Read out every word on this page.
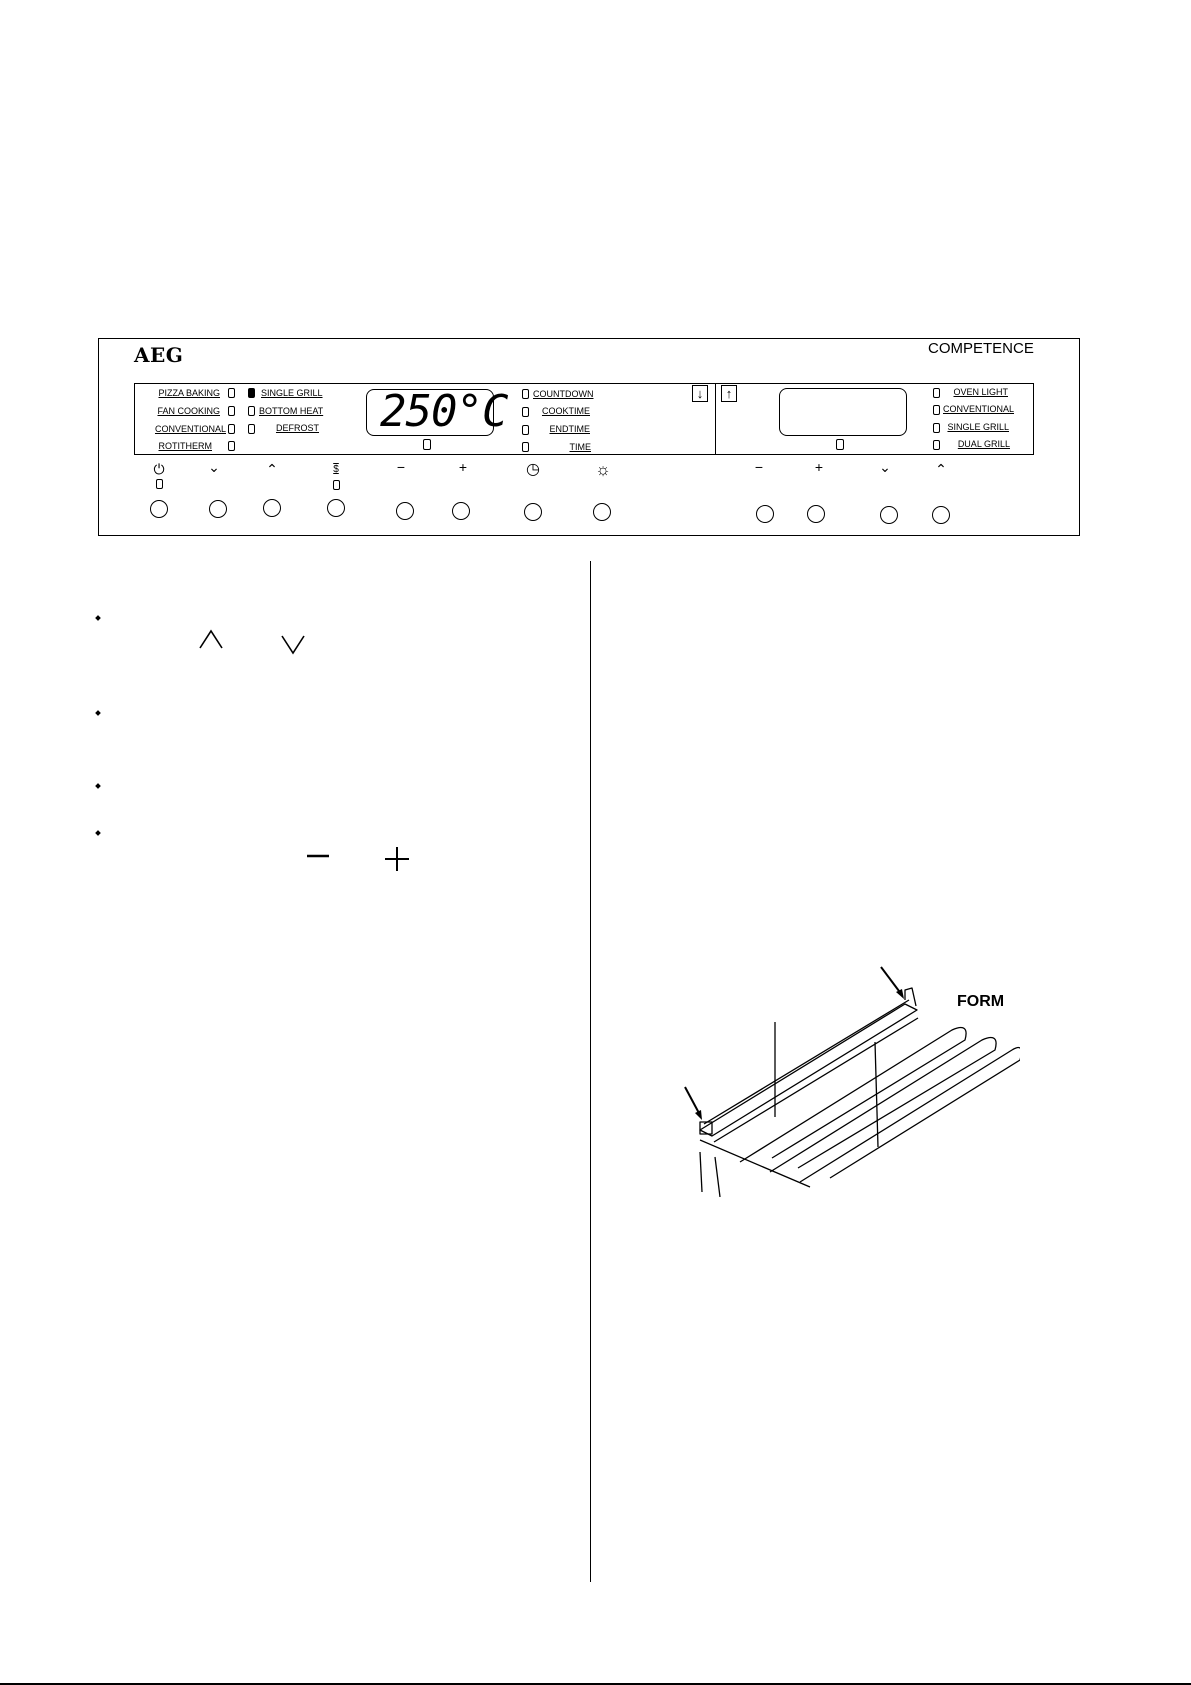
AEG	COMPETENCE
PIZZA BAKING
FAN COOKING
CONVENTIONAL
ROTITHERM
SINGLE GRILL
BOTTOM HEAT
DEFROST 250°C	COUNTDOWN
COOKTIME
ENDTIME
TIME
↓	↑	OVEN LIGHT
CONVENTIONAL
SINGLE GRILL
DUAL GRILL
⏻	⌄	⌃	$	−	+	◷	☼	−	+	⌄	⌃
FORM
